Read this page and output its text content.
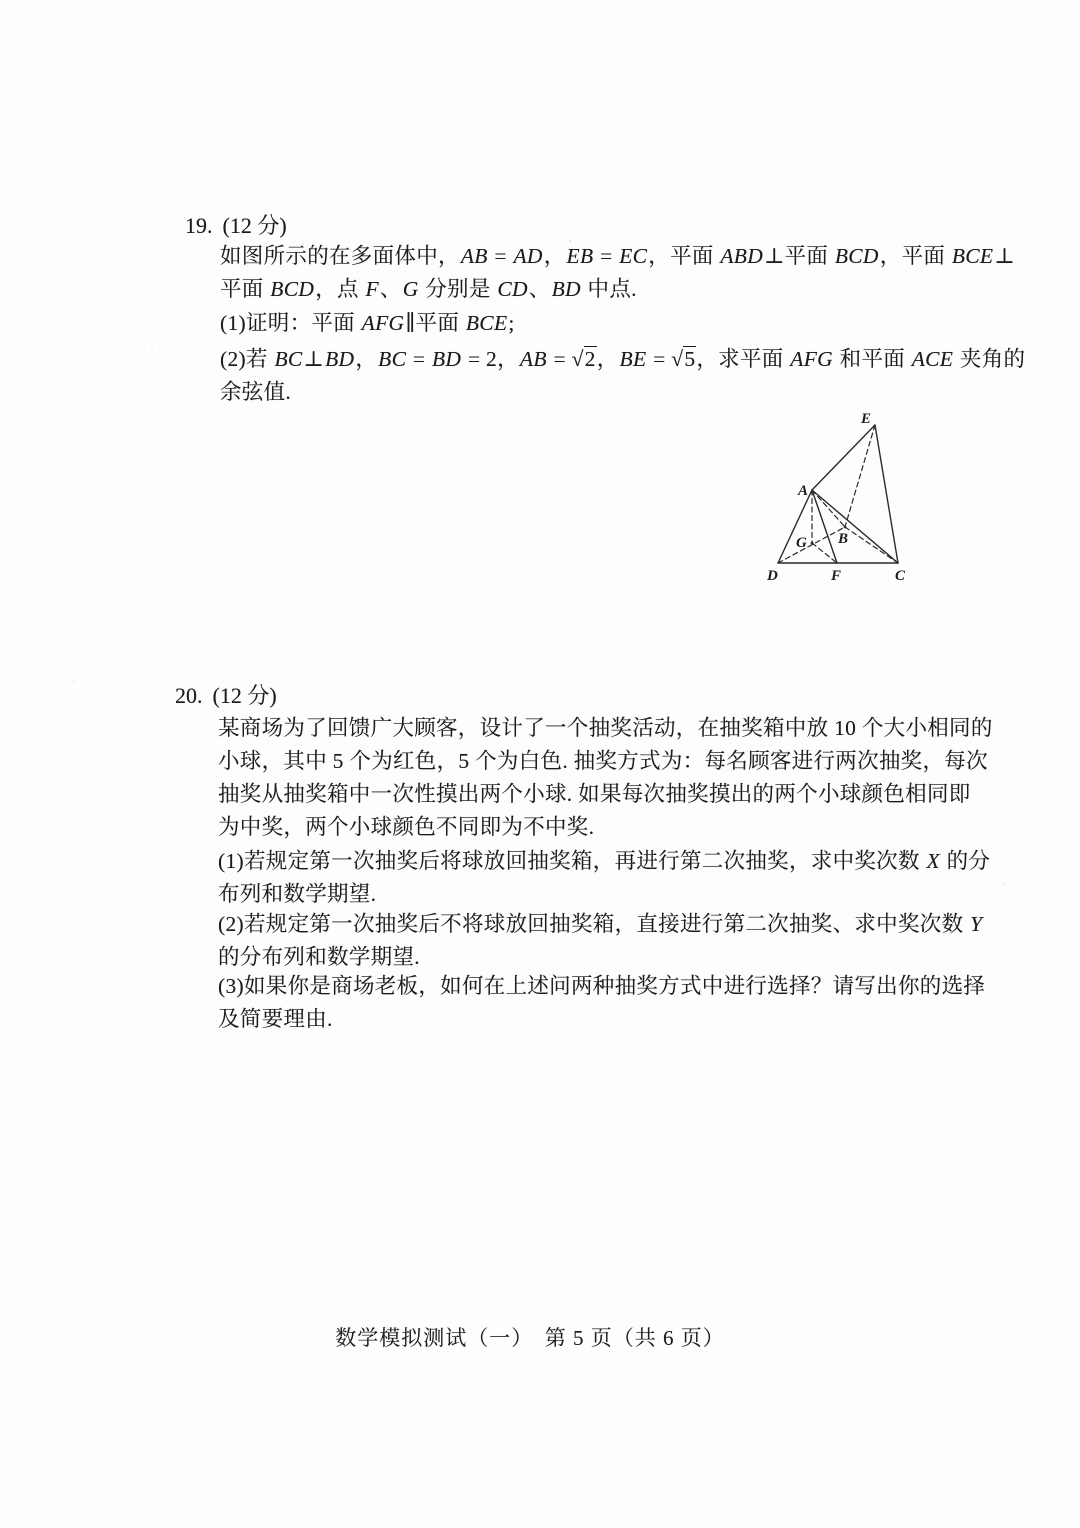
19. (12 分)
如图所示的在多面体中，AB = AD，EB = EC，平面 ABD⊥平面 BCD，平面 BCE⊥
平面 BCD，点 F、G 分别是 CD、BD 中点.
(1)证明：平面 AFG∥平面 BCE;
(2)若 BC⊥BD，BC = BD = 2，AB = √2，BE = √5，求平面 AFG 和平面 ACE 夹角的
余弦值.
E
A
G B
D	F	C
20. (12 分)
某商场为了回馈广大顾客，设计了一个抽奖活动，在抽奖箱中放 10 个大小相同的
小球，其中 5 个为红色，5 个为白色. 抽奖方式为：每名顾客进行两次抽奖，每次
抽奖从抽奖箱中一次性摸出两个小球. 如果每次抽奖摸出的两个小球颜色相同即
为中奖，两个小球颜色不同即为不中奖.
(1)若规定第一次抽奖后将球放回抽奖箱，再进行第二次抽奖，求中奖次数 X 的分
布列和数学期望.
(2)若规定第一次抽奖后不将球放回抽奖箱，直接进行第二次抽奖、求中奖次数 Y
的分布列和数学期望.
(3)如果你是商场老板，如何在上述问两种抽奖方式中进行选择？请写出你的选择
及简要理由.
数学模拟测试（一）　第 5 页（共 6 页）
